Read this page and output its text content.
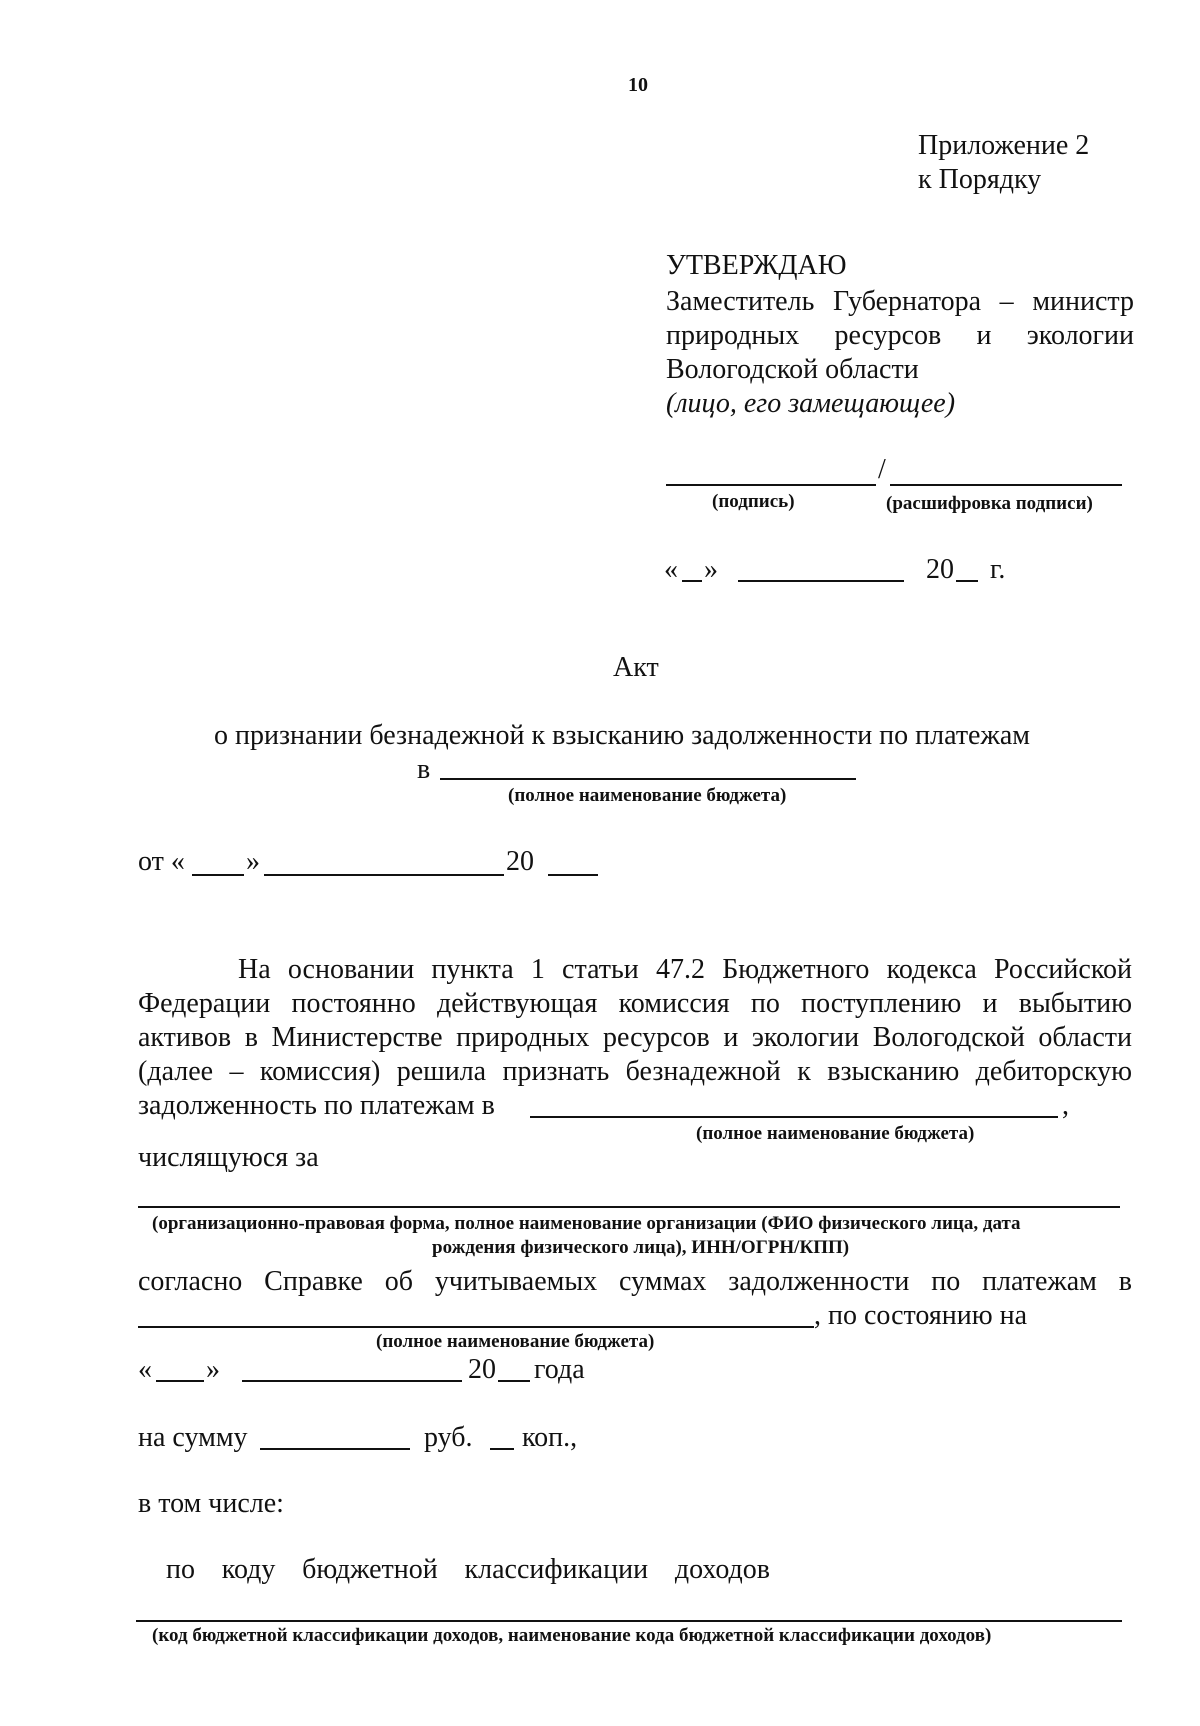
10
Приложение 2
к Порядку
УТВЕРЖДАЮ
Заместитель Губернатора – министр
природных ресурсов и экологии
Вологодской области
(лицо, его замещающее)
/
(подпись)	(расшифровка подписи)
« »	20 г.
Акт
о признании безнадежной к взысканию задолженности по платежам
в
(полное наименование бюджета)
от « »	20
На основании пункта 1 статьи 47.2 Бюджетного кодекса Российской
Федерации постоянно действующая комиссия по поступлению и выбытию
активов в Министерстве природных ресурсов и экологии Вологодской области
(далее – комиссия) решила признать безнадежной к взысканию дебиторскую
задолженность по платежам в	,
(полное наименование бюджета)
числящуюся за
(организационно-правовая форма, полное наименование организации (ФИО физического лица, дата
рождения физического лица), ИНН/ОГРН/КПП)
согласно Справке об учитываемых суммах задолженности по платежам в
, по состоянию на
(полное наименование бюджета)
« »	20 года
на сумму	руб. коп.,
в том числе:
по коду бюджетной классификации доходов
(код бюджетной классификации доходов, наименование кода бюджетной классификации доходов)
